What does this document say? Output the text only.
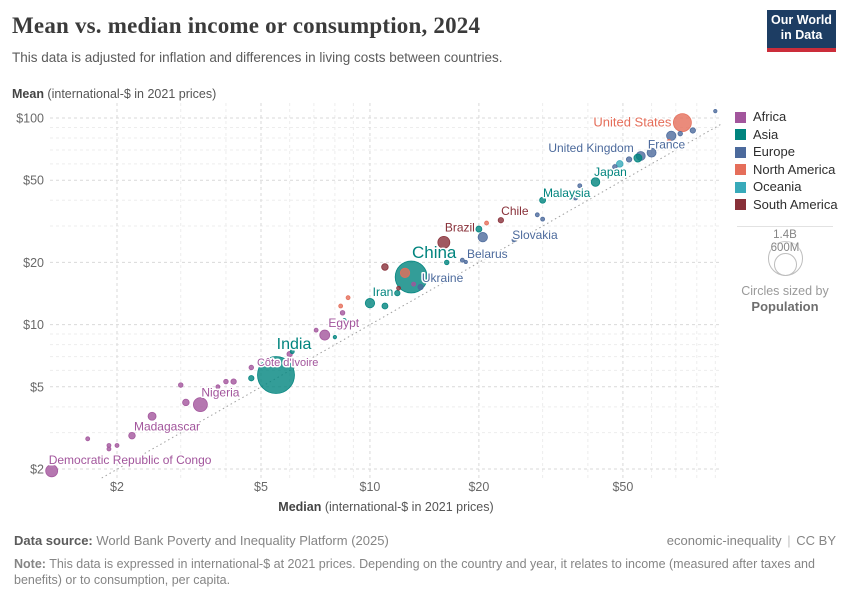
Mean vs. median income or consumption, 2024

This data is adjusted for inflation and differences in living costs between countries.

Our World
in Data
Mean (international-$ in 2021 prices)
$100
$50
$20
$10
$5
$2
$2	$5	$10	$20	$50
United States
United Kingdom France
Japan
Malaysia
Chile
Slovakia
Brazil
Belarus
China
Ukraine
Iran
Egypt
India
Côte d'Ivoire
Nigeria
Madagascar
Democratic Republic of Congo
Median (international-$ in 2021 prices)
Africa
Asia
Europe
North America
Oceania
South America
1.4B
600M
Circles sized by
Population
Data source: World Bank Poverty and Inequality Platform (2025)	economic-inequality | CC BY
Note: This data is expressed in international-$ at 2021 prices. Depending on the country and year, it relates to income (measured after taxes and benefits) or to consumption, per capita.
